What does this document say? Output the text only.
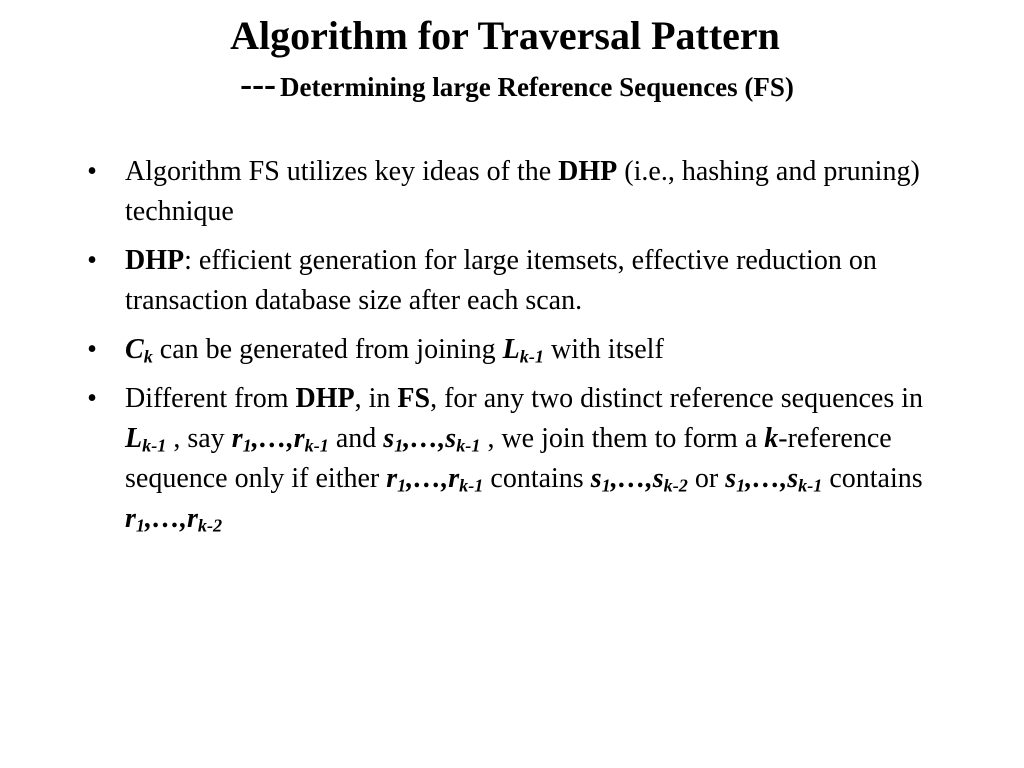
Algorithm for Traversal Pattern
--- Determining large Reference Sequences (FS)
• Algorithm FS utilizes key ideas of the DHP (i.e., hashing and pruning) technique
• DHP: efficient generation for large itemsets, effective reduction on transaction database size after each scan.
• $C_k$ can be generated from joining $L_{k-1}$ with itself
• Different from DHP, in FS, for any two distinct reference sequences in $L_{k-1}$ , say $r_1,\dots,r_{k-1}$ and $s_1,\dots,s_{k-1}$ , we join them to form a k-reference sequence only if either $r_1,\dots,r_{k-1}$ contains $s_1,\dots,s_{k-2}$ or $s_1,\dots,s_{k-1}$ contains $r_1,\dots,r_{k-2}$
